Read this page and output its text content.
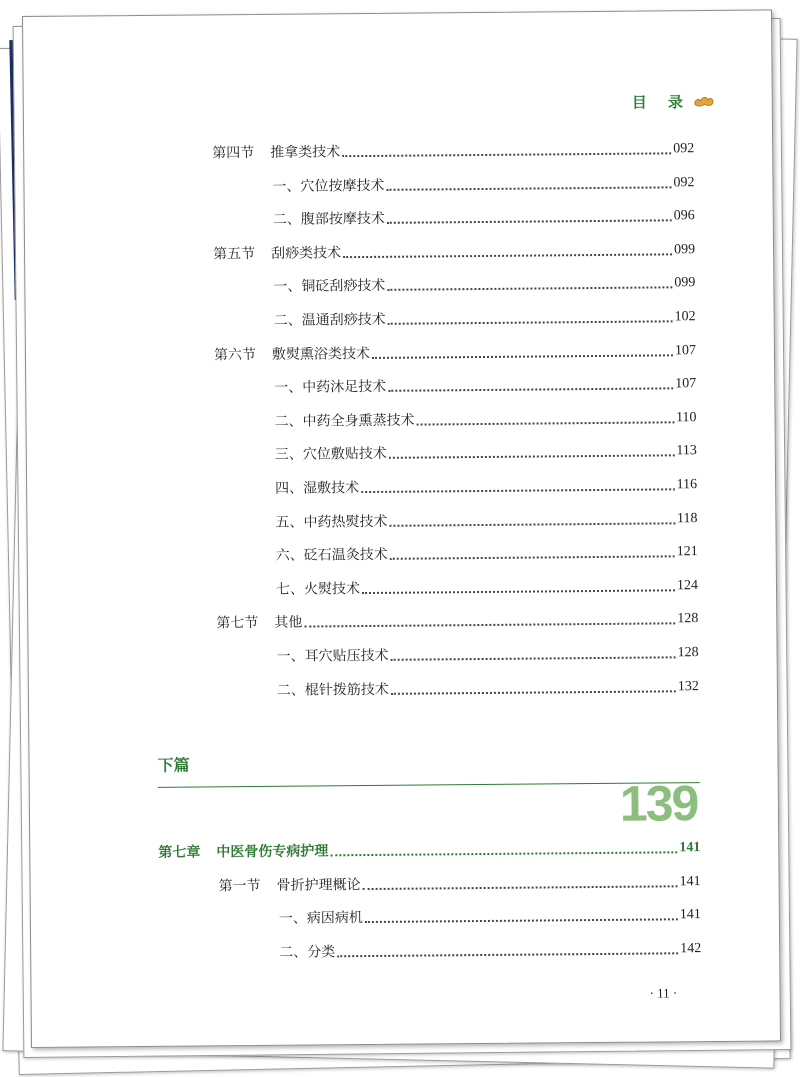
目 录
第四节 推拿类技术	092
一、穴位按摩技术	092
二、腹部按摩技术	096
第五节 刮痧类技术	099
一、铜砭刮痧技术	099
二、温通刮痧技术	102
第六节 敷熨熏浴类技术	107
一、中药沐足技术	107
二、中药全身熏蒸技术	110
三、穴位敷贴技术	113
四、湿敷技术	116
五、中药热熨技术	118
六、砭石温灸技术	121
七、火熨技术	124
第七节 其他	128
一、耳穴贴压技术	128
二、棍针拨筋技术	132
下篇
139
第七章 中医骨伤专病护理	141
第一节 骨折护理概论	141
一、病因病机	141
二、分类	142
· 11 ·
